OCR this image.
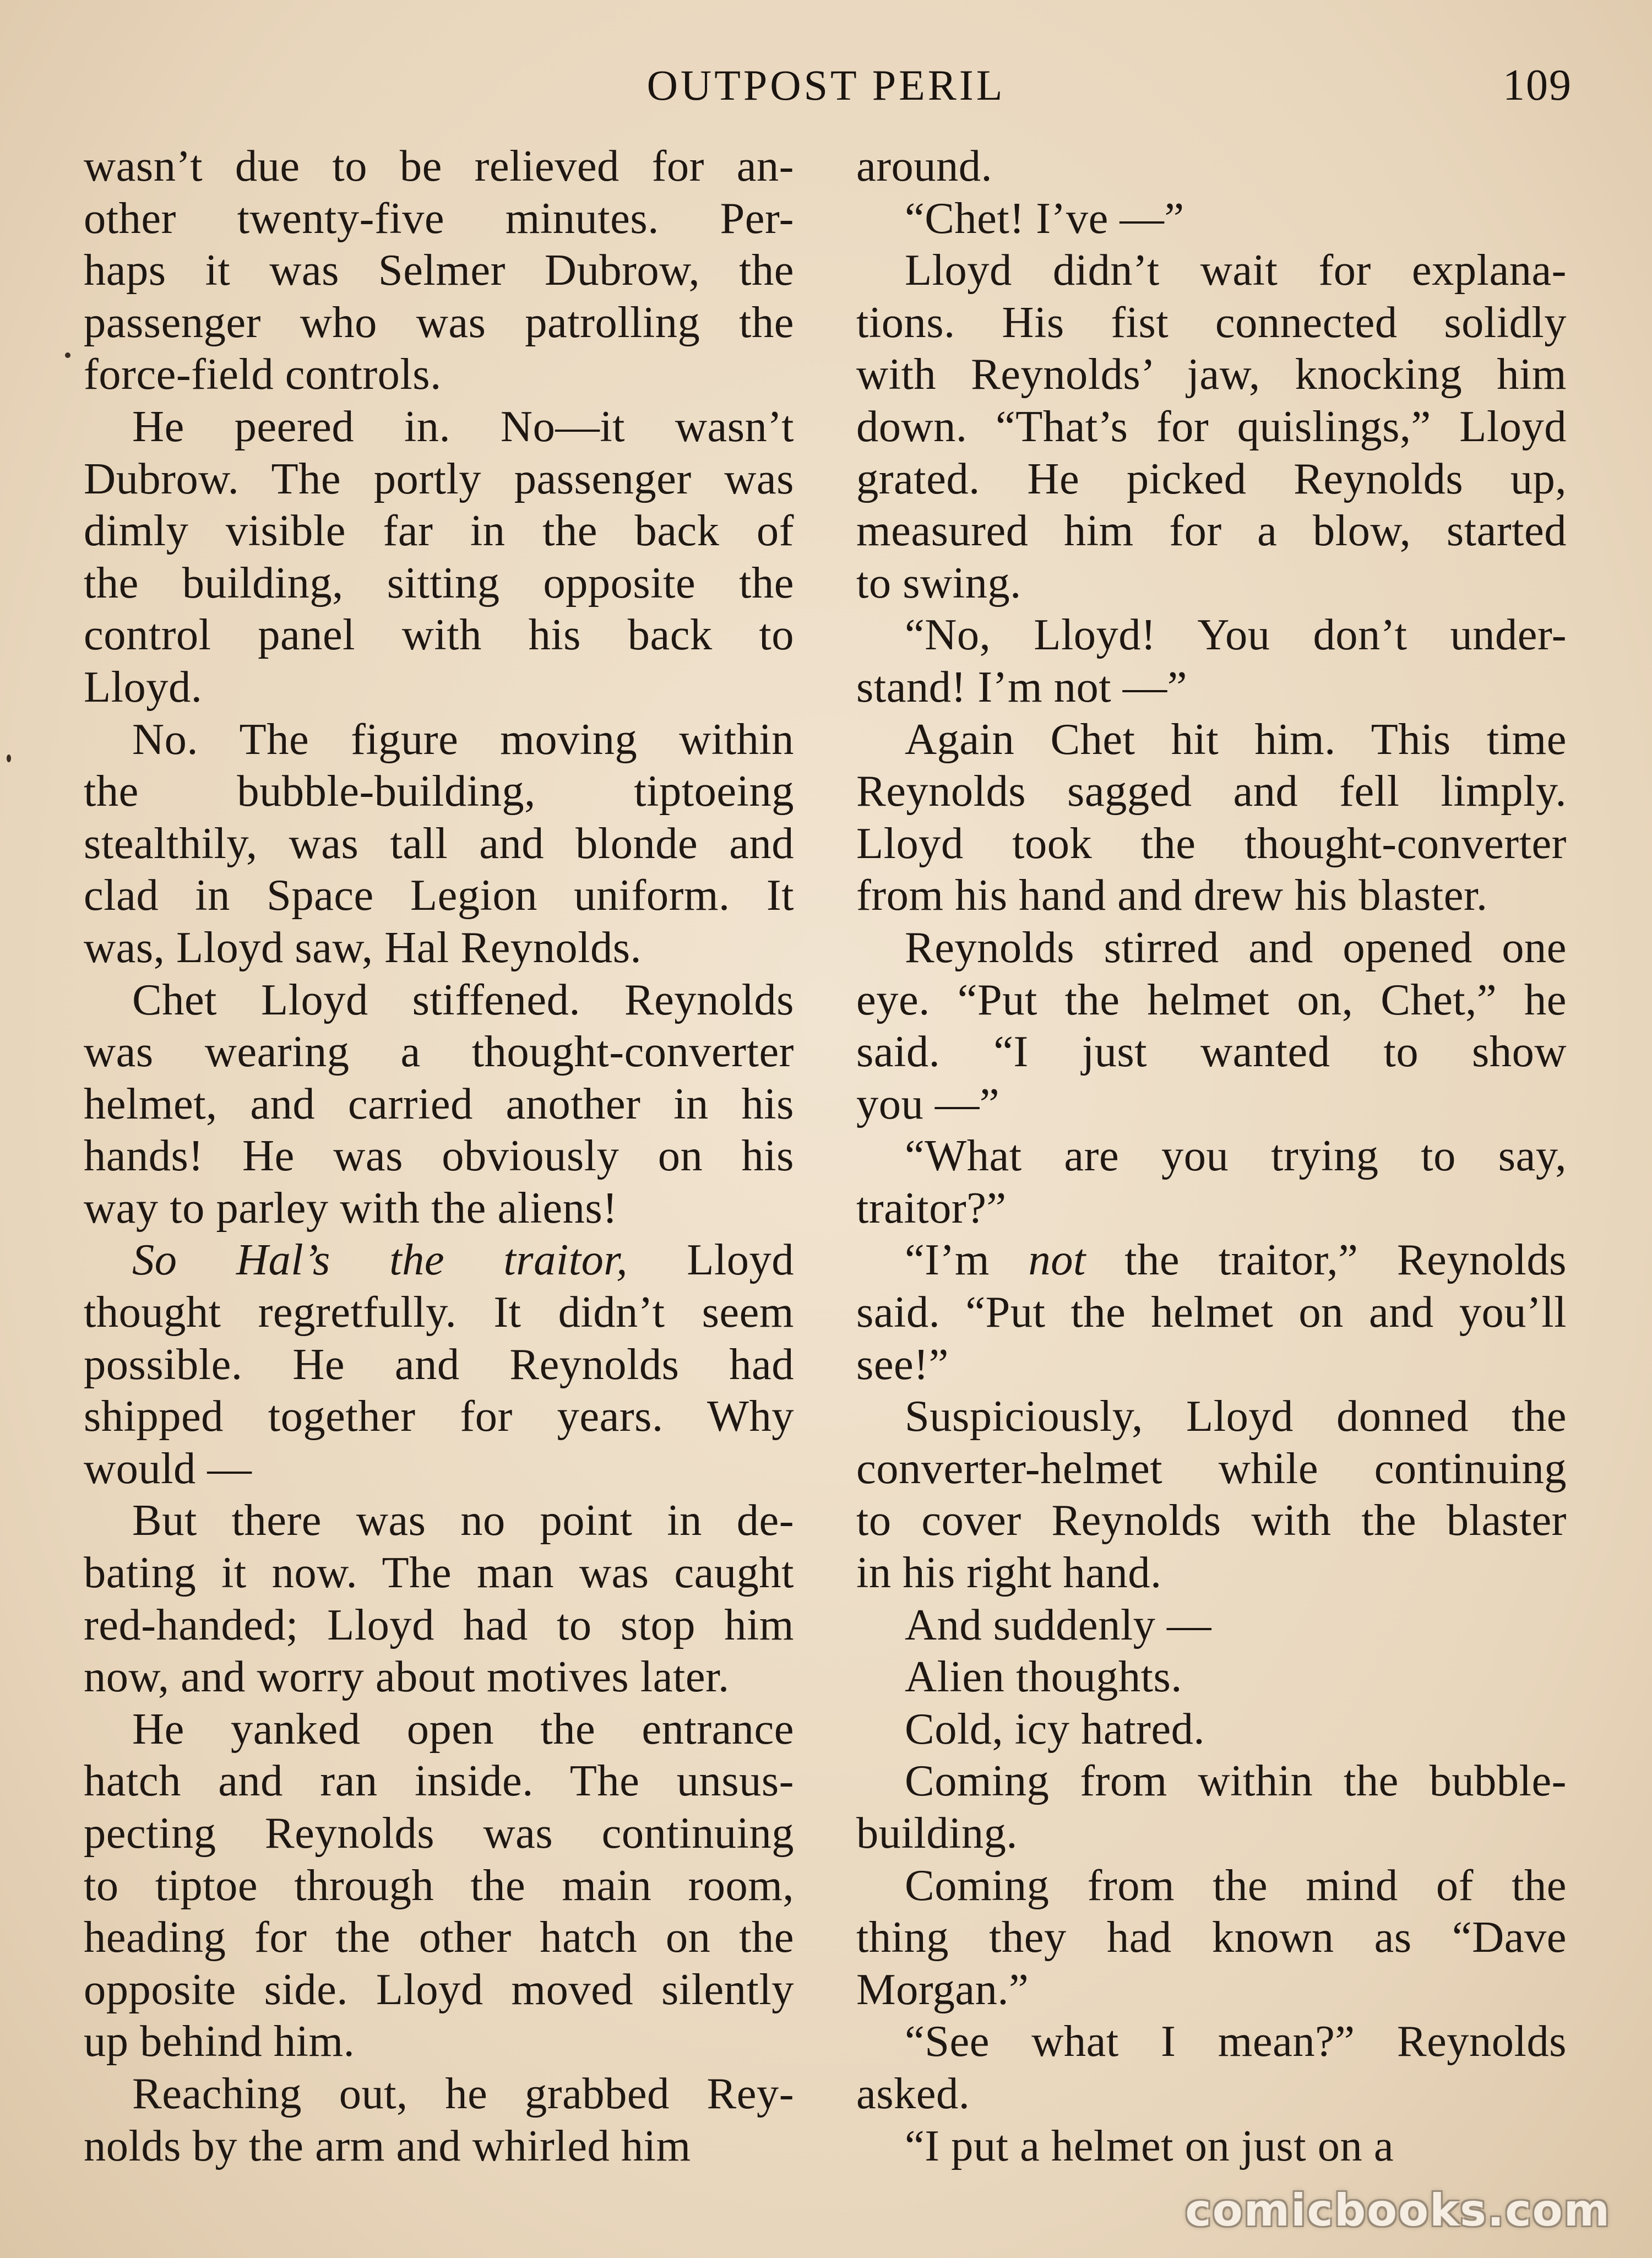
OUTPOST PERIL	109

wasn’t due to be relieved for an-
other twenty-five minutes. Per-
haps it was Selmer Dubrow, the
passenger who was patrolling the
force-field controls.

He peered in. No—it wasn’t
Dubrow. The portly passenger was
dimly visible far in the back of
the building, sitting opposite the
control panel with his back to
Lloyd.

No. The figure moving within
the bubble-building, tiptoeing
stealthily, was tall and blonde and
clad in Space Legion uniform. It
was, Lloyd saw, Hal Reynolds.

Chet Lloyd stiffened. Reynolds
was wearing a thought-converter
helmet, and carried another in his
hands! He was obviously on his
way to parley with the aliens!

So Hal’s the traitor, Lloyd
thought regretfully. It didn’t seem
possible. He and Reynolds had
shipped together for years. Why
would —

But there was no point in de-
bating it now. The man was caught
red-handed; Lloyd had to stop him
now, and worry about motives later.

He yanked open the entrance
hatch and ran inside. The unsus-
pecting Reynolds was continuing
to tiptoe through the main room,
heading for the other hatch on the
opposite side. Lloyd moved silently
up behind him.

Reaching out, he grabbed Rey-
nolds by the arm and whirled him

around.

“Chet! I’ve —”

Lloyd didn’t wait for explana-
tions. His fist connected solidly
with Reynolds’ jaw, knocking him
down. “That’s for quislings,” Lloyd
grated. He picked Reynolds up,
measured him for a blow, started
to swing.

“No, Lloyd! You don’t under-
stand! I’m not —”

Again Chet hit him. This time
Reynolds sagged and fell limply.
Lloyd took the thought-converter
from his hand and drew his blaster.

Reynolds stirred and opened one
eye. “Put the helmet on, Chet,” he
said. “I just wanted to show
you —”

“What are you trying to say,
traitor?”

“I’m not the traitor,” Reynolds
said. “Put the helmet on and you’ll
see!”

Suspiciously, Lloyd donned the
converter-helmet while continuing
to cover Reynolds with the blaster
in his right hand.

And suddenly —

Alien thoughts.

Cold, icy hatred.

Coming from within the bubble-
building.

Coming from the mind of the
thing they had known as “Dave
Morgan.”

“See what I mean?” Reynolds
asked.

“I put a helmet on just on a

comicbooks.com
